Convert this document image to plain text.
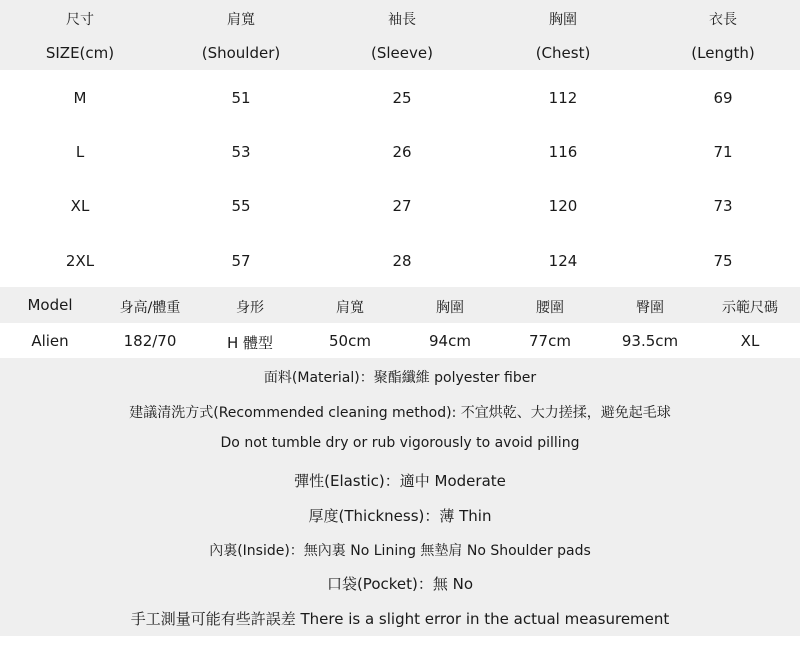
尺寸	肩寬	袖長	胸圍	衣長
SIZE(cm)	(Shoulder)	(Sleeve)	(Chest)	(Length)
M	51	25	112	69
L	53	26	116	71
XL	55	27	120	73
2XL	57	28	124	75
Model	身高/體重	身形	肩寬	胸圍	腰圍	臀圍	示範尺碼
Alien	182/70	H 體型	50cm	94cm	77cm	93.5cm	XL
面料(Material)：聚酯纖維 polyester fiber
建議清洗方式(Recommended cleaning method): 不宜烘乾、大力搓揉，避免起毛球
Do not tumble dry or rub vigorously to avoid pilling
彈性(Elastic)：適中 Moderate
厚度(Thickness)：薄 Thin
內裏(Inside)：無內裏 No Lining 無墊肩 No Shoulder pads
口袋(Pocket)：無 No
手工測量可能有些許誤差 There is a slight error in the actual measurement
